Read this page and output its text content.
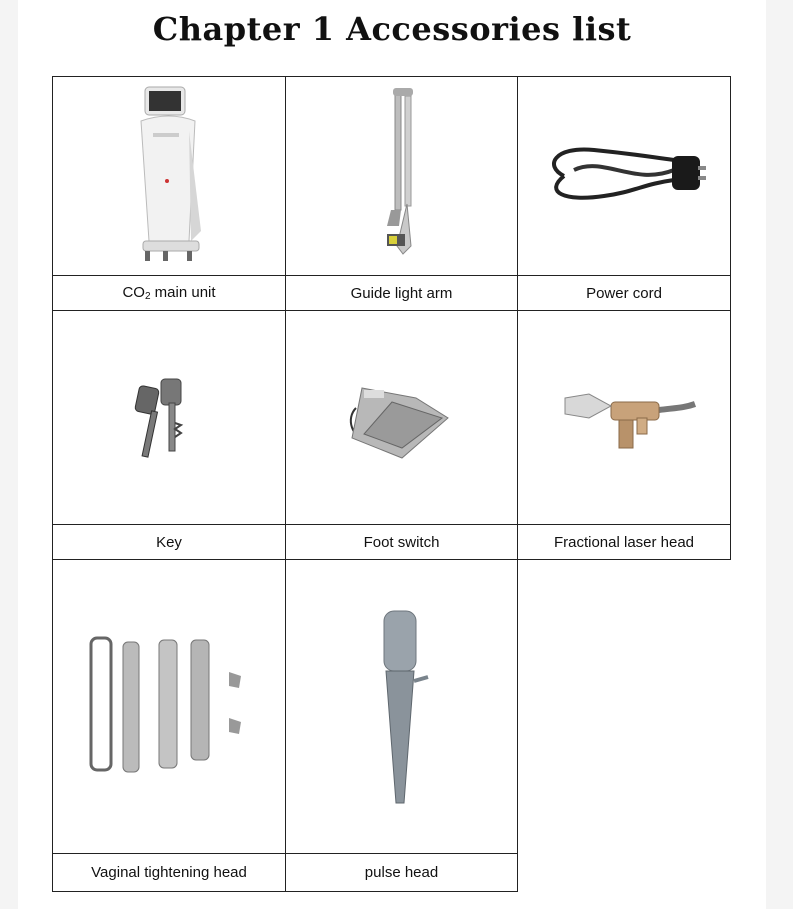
Chapter 1 Accessories list
$CO_2$ main unit	Guide light arm	Power cord
Key	Foot switch	Fractional laser head
Vaginal tightening head	pulse head
